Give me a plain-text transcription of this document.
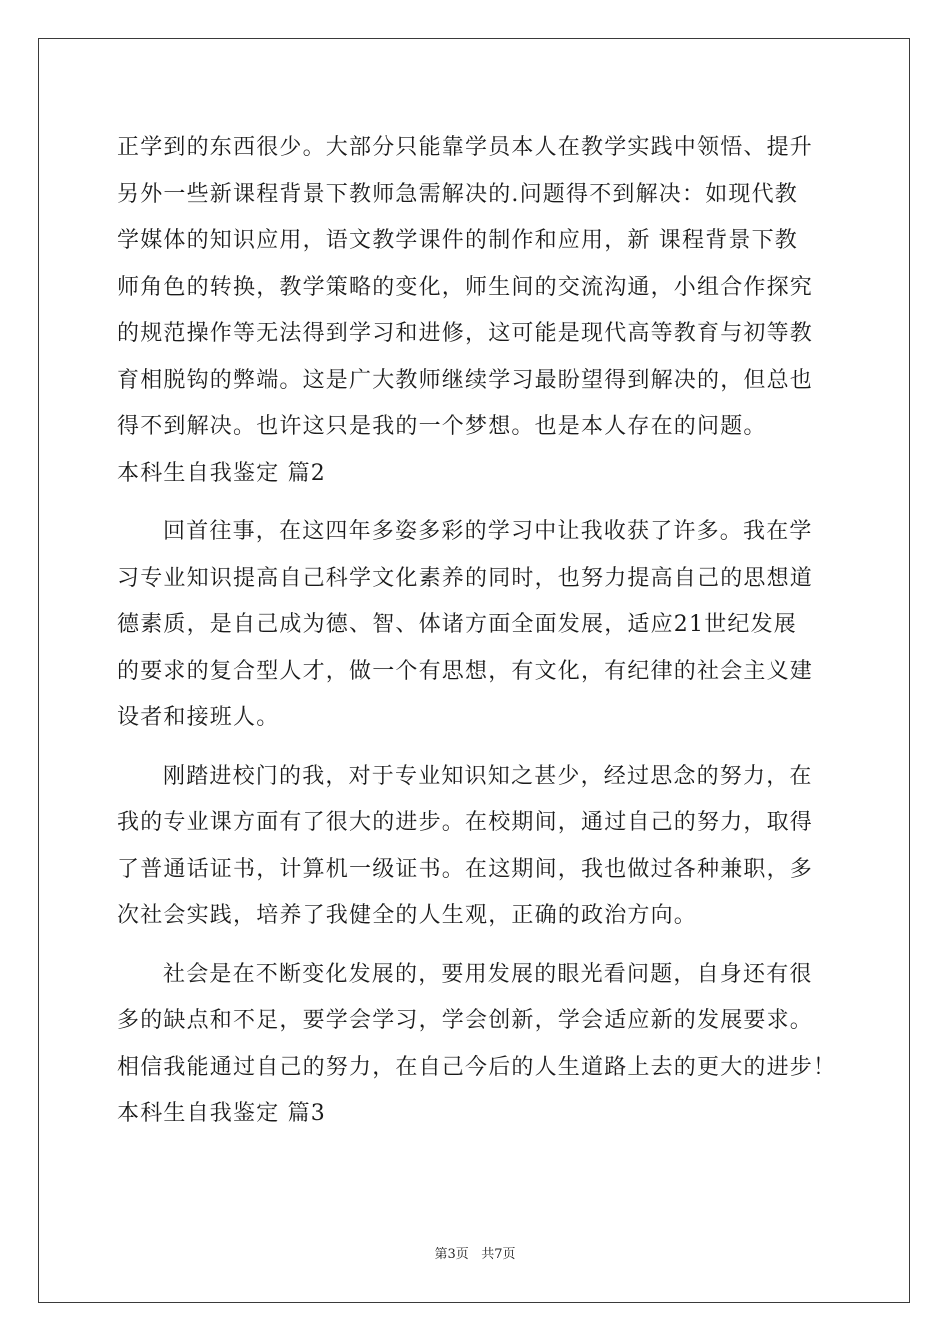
正学到的东西很少。大部分只能靠学员本人在教学实践中领悟、提升
另外一些新课程背景下教师急需解决的.问题得不到解决：如现代教
学媒体的知识应用，语文教学课件的制作和应用，新 课程背景下教
师角色的转换，教学策略的变化，师生间的交流沟通，小组合作探究
的规范操作等无法得到学习和进修，这可能是现代高等教育与初等教
育相脱钩的弊端。这是广大教师继续学习最盼望得到解决的，但总也
得不到解决。也许这只是我的一个梦想。也是本人存在的问题。
本科生自我鉴定 篇2
回首往事，在这四年多姿多彩的学习中让我收获了许多。我在学
习专业知识提高自己科学文化素养的同时，也努力提高自己的思想道
德素质，是自己成为德、智、体诸方面全面发展，适应21世纪发展
的要求的复合型人才，做一个有思想，有文化，有纪律的社会主义建
设者和接班人。
刚踏进校门的我，对于专业知识知之甚少，经过思念的努力，在
我的专业课方面有了很大的进步。在校期间，通过自己的努力，取得
了普通话证书，计算机一级证书。在这期间，我也做过各种兼职，多
次社会实践，培养了我健全的人生观，正确的政治方向。
社会是在不断变化发展的，要用发展的眼光看问题，自身还有很
多的缺点和不足，要学会学习，学会创新，学会适应新的发展要求。
相信我能通过自己的努力，在自己今后的人生道路上去的更大的进步！
本科生自我鉴定 篇3
第3页 共7页
